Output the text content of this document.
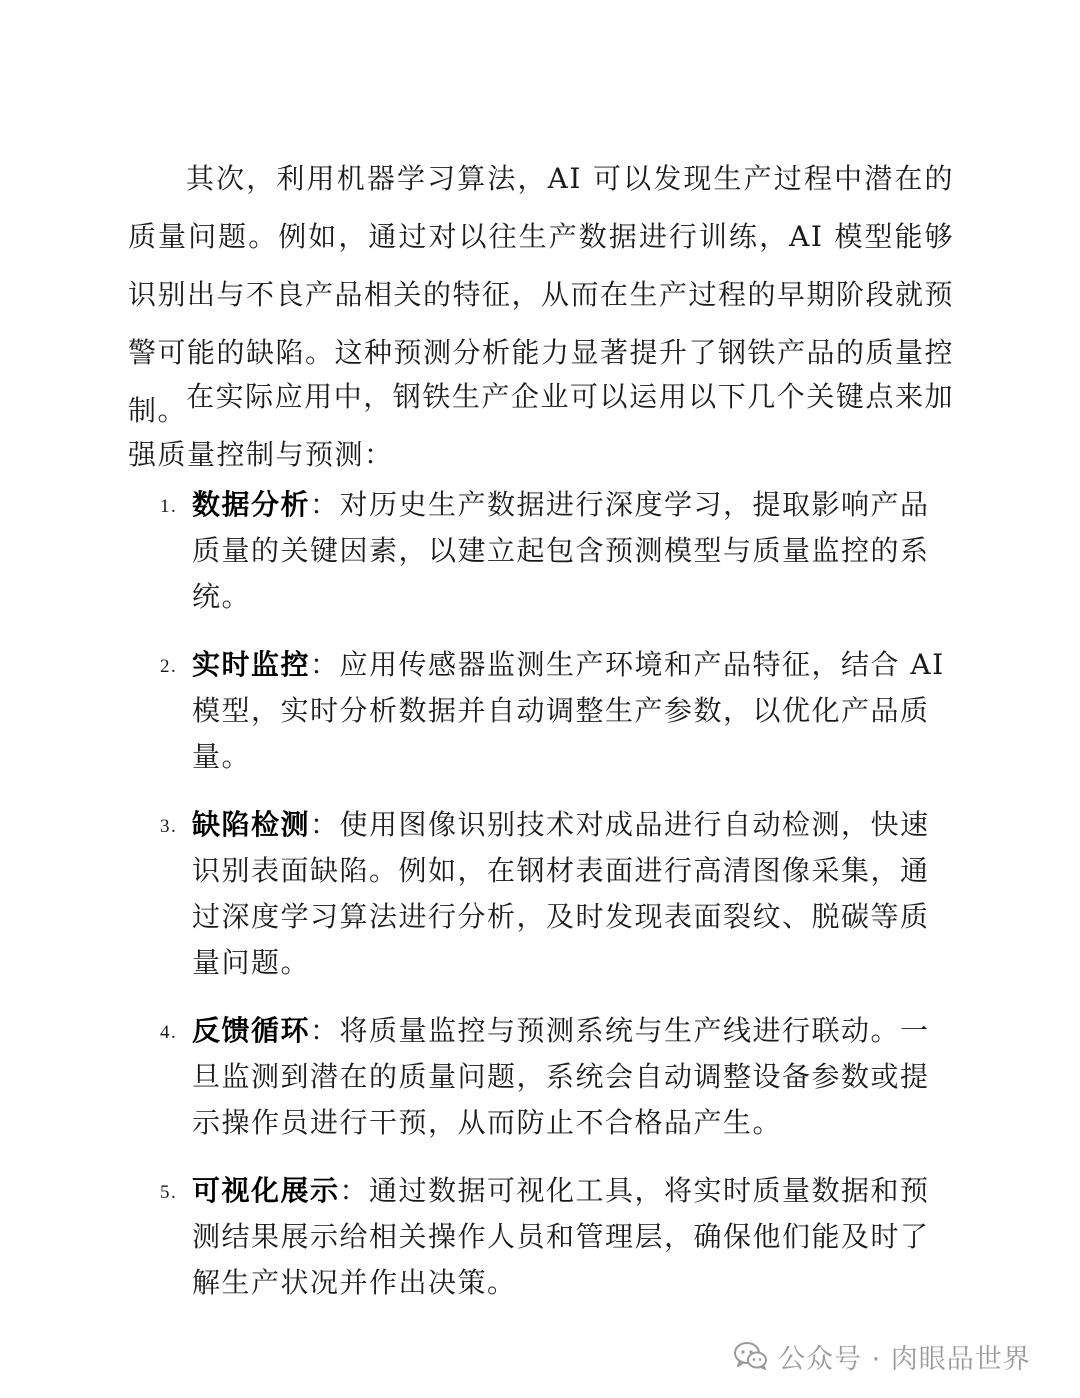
其次，利用机器学习算法，AI 可以发现生产过程中潜在的质量问题。例如，通过对以往生产数据进行训练，AI 模型能够识别出与不良产品相关的特征，从而在生产过程的早期阶段就预警可能的缺陷。这种预测分析能力显著提升了钢铁产品的质量控制。

在实际应用中，钢铁生产企业可以运用以下几个关键点来加强质量控制与预测：

1. 数据分析：对历史生产数据进行深度学习，提取影响产品质量的关键因素，以建立起包含预测模型与质量监控的系统。
2. 实时监控：应用传感器监测生产环境和产品特征，结合 AI 模型，实时分析数据并自动调整生产参数，以优化产品质量。
3. 缺陷检测：使用图像识别技术对成品进行自动检测，快速识别表面缺陷。例如，在钢材表面进行高清图像采集，通过深度学习算法进行分析，及时发现表面裂纹、脱碳等质量问题。
4. 反馈循环：将质量监控与预测系统与生产线进行联动。一旦监测到潜在的质量问题，系统会自动调整设备参数或提示操作员进行干预，从而防止不合格品产生。
5. 可视化展示：通过数据可视化工具，将实时质量数据和预测结果展示给相关操作人员和管理层，确保他们能及时了解生产状况并作出决策。
公众号 · 肉眼品世界
